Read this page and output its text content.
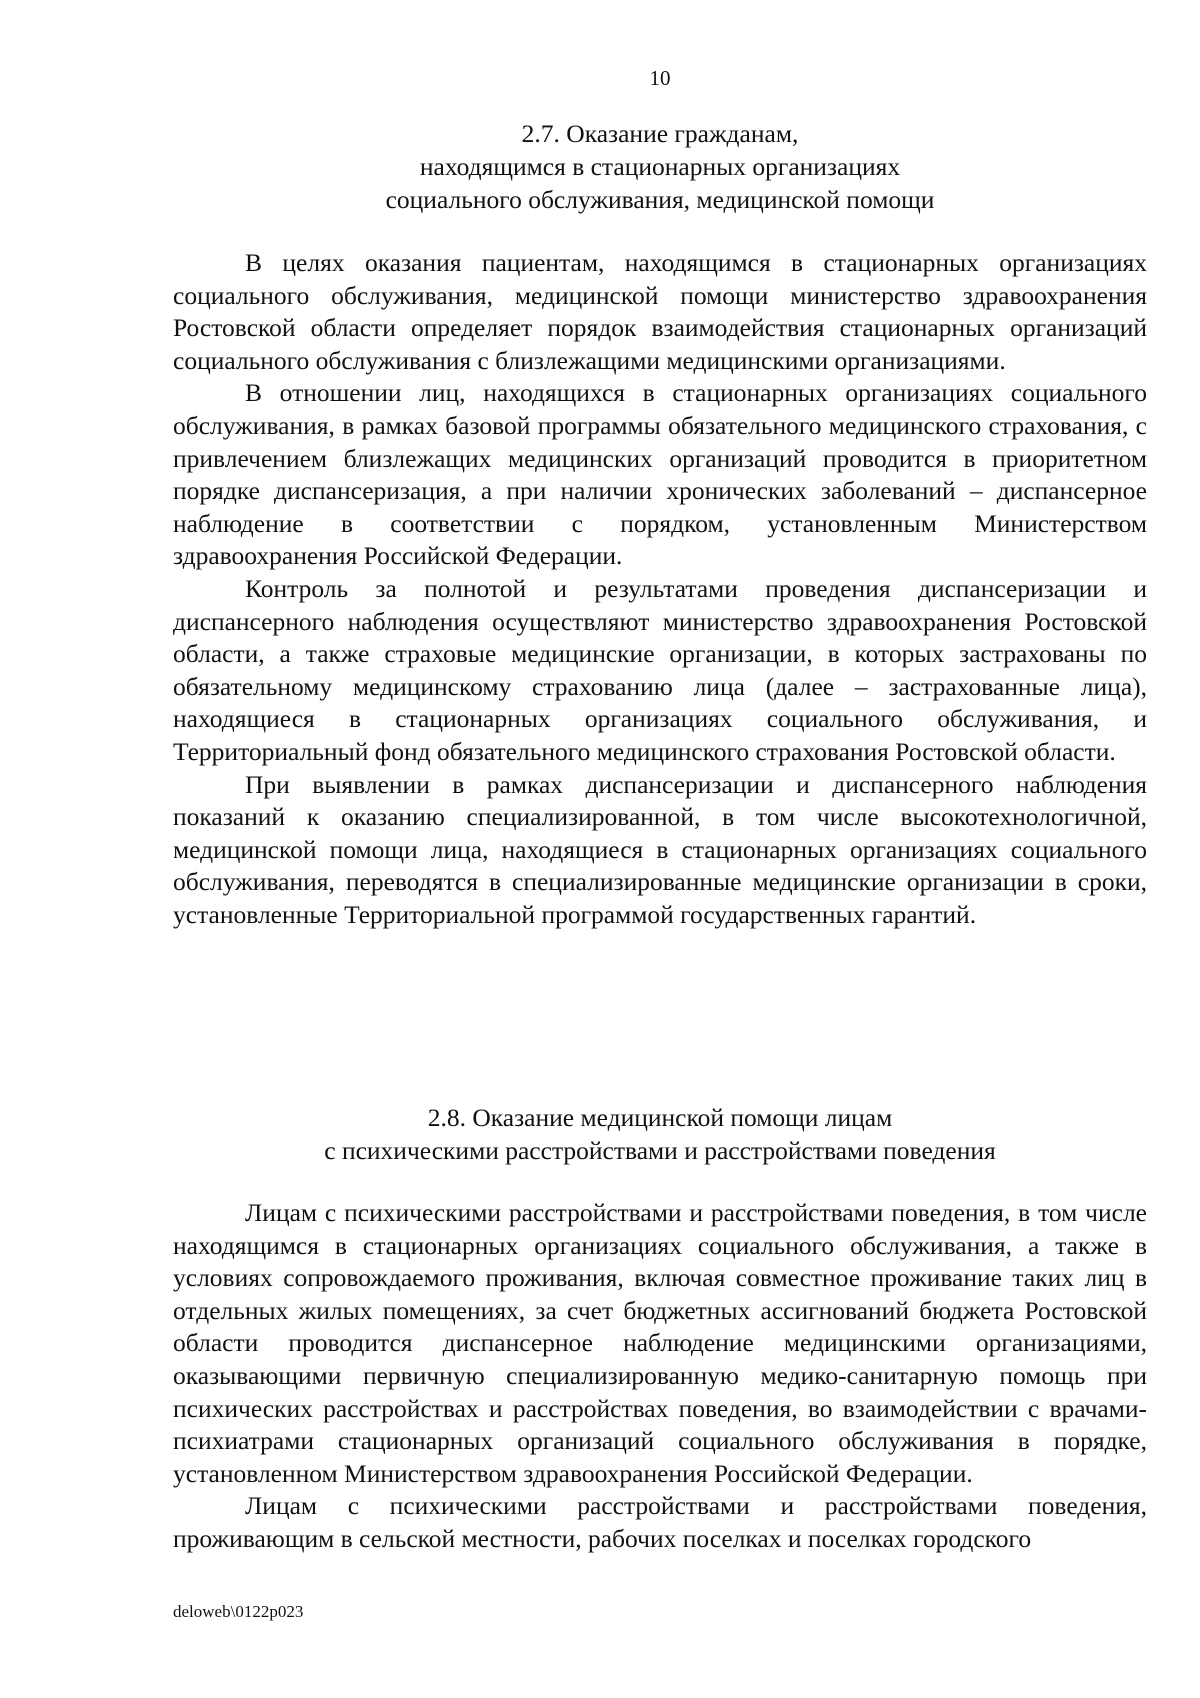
10
2.7. Оказание гражданам,
находящимся в стационарных организациях
социального обслуживания, медицинской помощи

В целях оказания пациентам, находящимся в стационарных организациях социального обслуживания, медицинской помощи министерство здравоохранения Ростовской области определяет порядок взаимодействия стационарных организаций социального обслуживания с близлежащими медицинскими организациями.

В отношении лиц, находящихся в стационарных организациях социального обслуживания, в рамках базовой программы обязательного медицинского страхования, с привлечением близлежащих медицинских организаций проводится в приоритетном порядке диспансеризация, а при наличии хронических заболеваний – диспансерное наблюдение в соответствии с порядком, установленным Министерством здравоохранения Российской Федерации.

Контроль за полнотой и результатами проведения диспансеризации и диспансерного наблюдения осуществляют министерство здравоохранения Ростовской области, а также страховые медицинские организации, в которых застрахованы по обязательному медицинскому страхованию лица (далее – застрахованные лица), находящиеся в стационарных организациях социального обслуживания, и Территориальный фонд обязательного медицинского страхования Ростовской области.

При выявлении в рамках диспансеризации и диспансерного наблюдения показаний к оказанию специализированной, в том числе высокотехнологичной, медицинской помощи лица, находящиеся в стационарных организациях социального обслуживания, переводятся в специализированные медицинские организации в сроки, установленные Территориальной программой государственных гарантий.

2.8. Оказание медицинской помощи лицам
с психическими расстройствами и расстройствами поведения

Лицам с психическими расстройствами и расстройствами поведения, в том числе находящимся в стационарных организациях социального обслуживания, а также в условиях сопровождаемого проживания, включая совместное проживание таких лиц в отдельных жилых помещениях, за счет бюджетных ассигнований бюджета Ростовской области проводится диспансерное наблюдение медицинскими организациями, оказывающими первичную специализированную медико-санитарную помощь при психических расстройствах и расстройствах поведения, во взаимодействии с врачами-психиатрами стационарных организаций социального обслуживания в порядке, установленном Министерством здравоохранения Российской Федерации.

Лицам с психическими расстройствами и расстройствами поведения, проживающим в сельской местности, рабочих поселках и поселках городского

deloweb\0122p023
